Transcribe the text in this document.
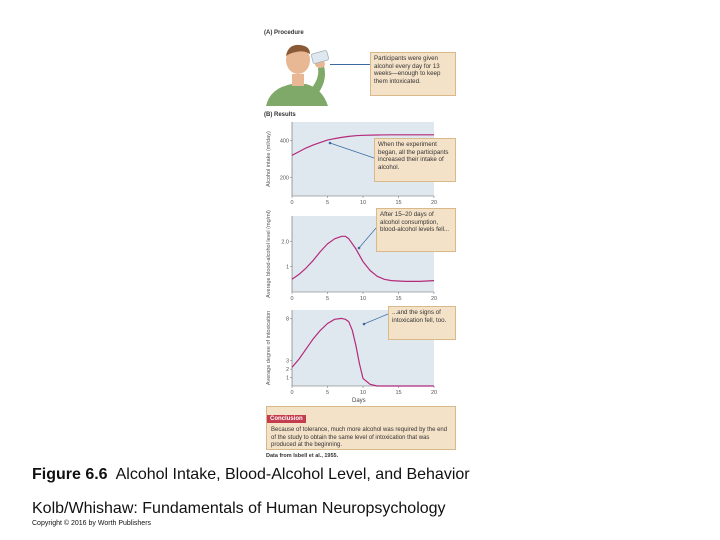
(A) Procedure
Participants were given alcohol every day for 13 weeks—enough to keep them intoxicated.
(B) Results
0	5	10	15	20
200
400
Alcohol intake (ml/day)
0	5	10	15	20
1
2.0
Average blood-alcohol level (mg/ml)
0	5	10	15	20
1
2
3
8
Average degree of intoxication
Days
When the experiment began, all the participants increased their intake of alcohol.
After 15–20 days of alcohol consumption, blood-alcohol levels fell...
...and the signs of intoxication fell, too.
Conclusion
Because of tolerance, much more alcohol was required by the end of the study to obtain the same level of intoxication that was produced at the beginning.
Data from Isbell et al., 1955.
Figure 6.6 Alcohol Intake, Blood-Alcohol Level, and Behavior
Kolb/Whishaw: Fundamentals of Human Neuropsychology
Copyright © 2016 by Worth Publishers
